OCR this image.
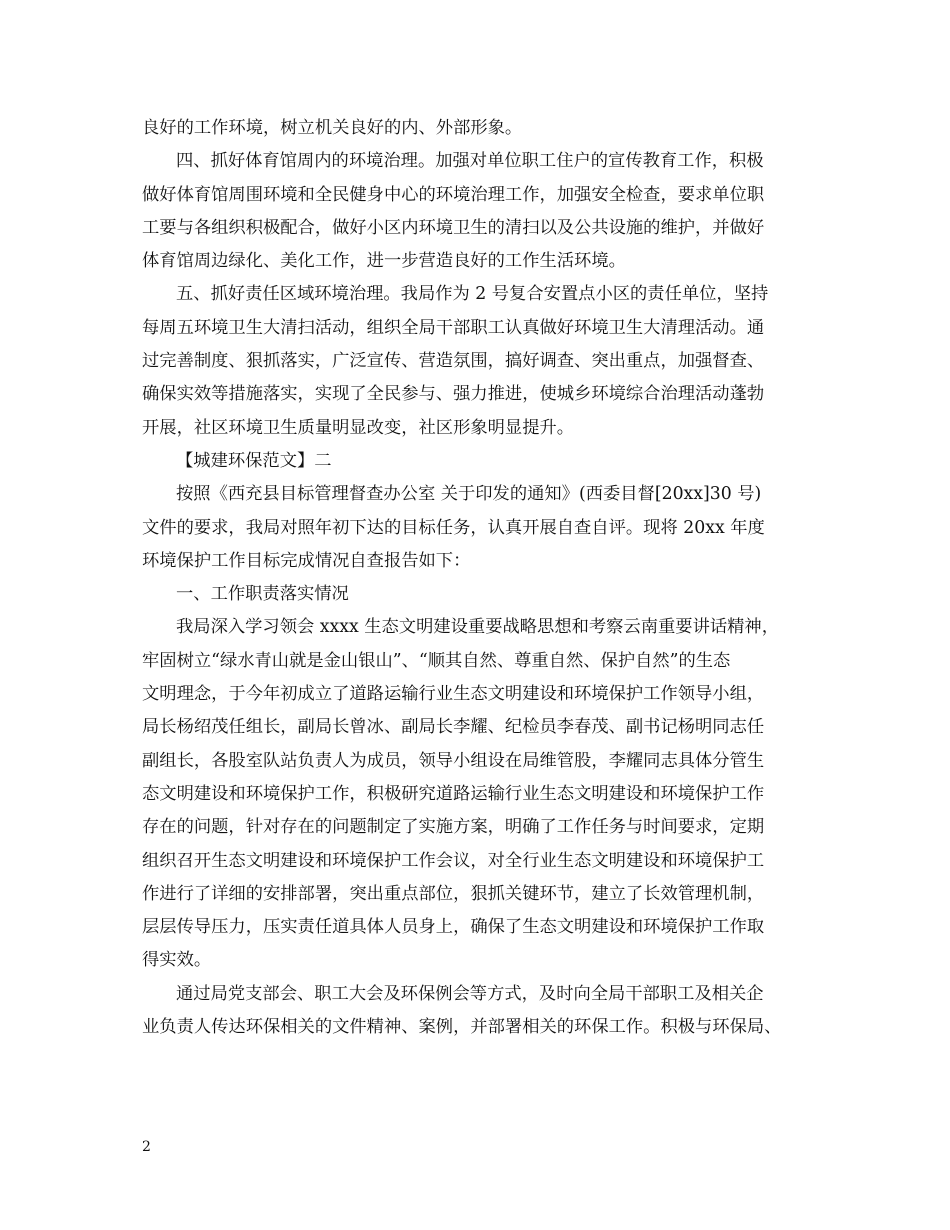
良好的工作环境，树立机关良好的内、外部形象。
四、抓好体育馆周内的环境治理。加强对单位职工住户的宣传教育工作，积极
做好体育馆周围环境和全民健身中心的环境治理工作，加强安全检查，要求单位职
工要与各组织积极配合，做好小区内环境卫生的清扫以及公共设施的维护，并做好
体育馆周边绿化、美化工作，进一步营造良好的工作生活环境。
五、抓好责任区域环境治理。我局作为 2 号复合安置点小区的责任单位，坚持
每周五环境卫生大清扫活动，组织全局干部职工认真做好环境卫生大清理活动。通
过完善制度、狠抓落实，广泛宣传、营造氛围，搞好调查、突出重点，加强督查、
确保实效等措施落实，实现了全民参与、强力推进，使城乡环境综合治理活动蓬勃
开展，社区环境卫生质量明显改变，社区形象明显提升。
【城建环保范文】二
按照《西充县目标管理督查办公室 关于印发的通知》(西委目督[20xx]30 号)
文件的要求，我局对照年初下达的目标任务，认真开展自查自评。现将 20xx 年度
环境保护工作目标完成情况自查报告如下：
一、工作职责落实情况
我局深入学习领会 xxxx 生态文明建设重要战略思想和考察云南重要讲话精神，
牢固树立“绿水青山就是金山银山”、“顺其自然、尊重自然、保护自然”的生态
文明理念，于今年初成立了道路运输行业生态文明建设和环境保护工作领导小组，
局长杨绍茂任组长，副局长曾冰、副局长李耀、纪检员李春茂、副书记杨明同志任
副组长，各股室队站负责人为成员，领导小组设在局维管股，李耀同志具体分管生
态文明建设和环境保护工作，积极研究道路运输行业生态文明建设和环境保护工作
存在的问题，针对存在的问题制定了实施方案，明确了工作任务与时间要求，定期
组织召开生态文明建设和环境保护工作会议，对全行业生态文明建设和环境保护工
作进行了详细的安排部署，突出重点部位，狠抓关键环节，建立了长效管理机制，
层层传导压力，压实责任道具体人员身上，确保了生态文明建设和环境保护工作取
得实效。
通过局党支部会、职工大会及环保例会等方式，及时向全局干部职工及相关企
业负责人传达环保相关的文件精神、案例，并部署相关的环保工作。积极与环保局、
2
